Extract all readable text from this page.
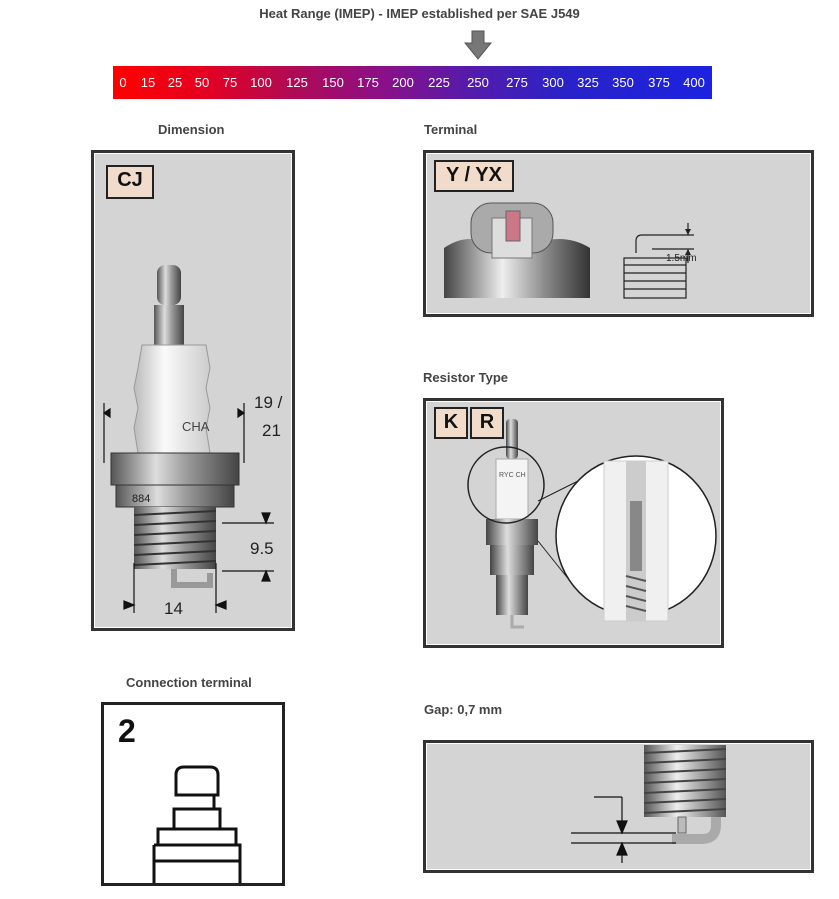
Heat Range (IMEP) - IMEP established per SAE J549
0 15 25 50 75 100 125 150 175 200 225 250 275 300 325 350 375 400
Dimension
CHA
884
CJ
19 /
21
9.5
14
Terminal
Y / YX
1.5mm
Resistor Type
RYC CH
K	R
Connection terminal
2
Gap: 0,7 mm
